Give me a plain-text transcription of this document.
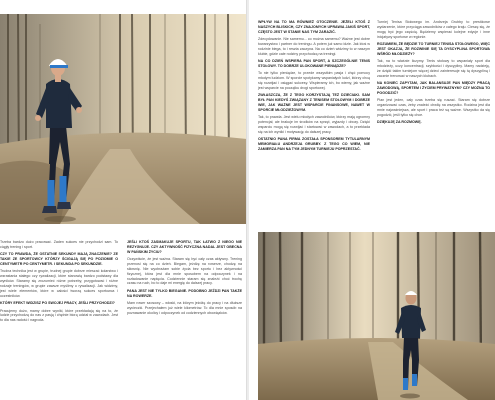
Trzeba bardzo dużo pracować. Zaden sukces nie przychodzi sam. To ciągły trening i sport.

CZY TO PRAWDA, ŻE OSTATNIE SEKUNDY MAJĄ ZNACZENIE? ZE TAKIE ZE SPORTOWCY KTÓRZY ŚCIGAJĄ SIĘ PO POZIOMIE O CENTYMETR PO CENTYMETR. I SEKUNDA PO SEKUNDZIE.

Trudna technika jest w grupie, trudnej grupie dobrze mieszać kolarstwo i wzrastania stałego czy rywalizacji, które stanowią bardzo podstawy dla wyników. Staramy się zrozumieć różne potrzeby, przygotować i różne rodzaje treningów, w grupie zawsze myślimy o rywalizacji. Jak widzimy, jest wiele elementów, które w całości tworzą sukces sportowca i uczestników.

KTÓRY EFEKT WIDZISZ PO SWOJEJ PRACY, JEŚLI PRZYCHODZI?

Pracujemy dużo, mamy dobre wyniki, które przekładają się na to, że ludzie przychodzą do nas z pasją i chętnie biorą udział w zawodach. Jest to dla nas radość i nagroda.

JEŚLI KTOŚ ZASMAKUJE SPORTU, TAK ŁATWO Z NIEGO NIE REZYGNUJE. CZY AKTYWNOŚĆ FIZYCZNA NADAL JEST OBECNA W PAŃSKIM ŻYCIU?

Oczywiście, że jest ważna. Staram się być cały czas aktywny. Trening przenosi się na co dzień. Biegam, jeżdżę na rowerze, chodzę na siłownię. Nie wyobrażam sobie życia bez sportu i bez aktywności fizycznej, która jest dla mnie sposobem na odpoczynek i na rozładowanie napięcia. Codziennie staram się znaleźć choć trochę czasu na ruch, bo to daje mi energię do dalszej pracy.

PANA JEST NIE TYLKO BIEGANIE. PODOBNO JEŹDZI PAN TAKŻE NA ROWERZE.

Mam rower szosowy – włoski, na którym jeżdżę do pracy i na dłuższe wycieczki. Przejechałem już wiele kilometrów. To dla mnie sposób na poznawanie okolicy i odpoczynek od codziennych obowiązków.

WPŁYW NA TO MA RÓWNIEŻ OTOCZENIE. JEŻELI KTOŚ Z NASZYCH BLISKICH, CZY ZNAJOMYCH UPRAWIA JAKIŚ SPORT, CZĘSTO JEST W STANIE NAS TYM ZARAZIĆ.

Zdecydowanie. Nie samemu... co można samemu? Ważne jest dobre towarzystwo i partner do treningu. A potem już samo idzie. Jak ktoś w rodzinie biega, to i reszta zaczyna. Na co dzień widzimy to w naszym klubie, gdzie całe rodziny przychodzą na treningi.

NA CO DZIEŃ WSPIERA PAN SPORT, A SZCZEGÓLNIE TENIS STOŁOWY. TO DOBRZE ULOKOWANE PIENIĄDZE?

To nie tylko pieniądze, to przede wszystkim pasja i chęć pomocy młodym ludziom. W sporcie spotykamy wspaniałych ludzi, którzy chcą się rozwijać i osiągać sukcesy. Wspieramy ich, bo wiemy, jak ważne jest wsparcie na początku drogi sportowej.

ZWŁASZCZA, ŻE Z TEGO KORZYSTAJĄ TEŻ DZIECIAKI. SAM BYŁ PAN KIEDYŚ ZWIĄZANY Z TENISEM STOŁOWYM I DOBRZE WIE, JAK WAŻNE JEST WSPARCIE FINANSOWE, NAWET W SPORCIE MŁODZIEŻOWYM.

Tak, to prawda. Jest wielu młodych zawodników, którzy mają ogromny potencjał, ale brakuje im środków na sprzęt, wyjazdy i obozy. Dzięki wsparciu mogą się rozwijać i startować w zawodach, a to przekłada się na ich wyniki i motywację do dalszej pracy.

OSTATNIO PANA FIRMA ZOSTAŁA SPONSOREM TYTULARNYM MEMORIAŁU ANDRZEJA GRUBBY. Z TEGO CO WIEM, NIE ZAMIERZA PAN NA TYM JEDNYM TURNIEJU POPRZESTAĆ.

Turniej Tenisa Stołowego im. Andrzeja Grubby to prestiżowe wydarzenie, które przyciąga zawodników z całego kraju. Cieszę się, że mogę być jego częścią. Będziemy wspierać kolejne edycje i inne inicjatywy sportowe w regionie.

ROZUMIEM, ŻE BĘDZIE TO TURNIEJ TENISA STOŁOWEGO, WIĘC JEST OKAZJA, ŻE ROZWINIE SIĘ TA DYSCYPLINA SPORTOWA WŚRÓD MŁODZIEŻY?

Tak, na to właśnie liczymy. Tenis stołowy to wspaniały sport dla młodzieży, uczy koncentracji, szybkości i dyscypliny. Mamy nadzieję, że dzięki takim turniejom więcej dzieci zainteresuje się tą dyscypliną i zacznie trenować w naszych klubach.

NA KONIEC ZAPYTAM, JAK BALANSUJE PAN MIĘDZY PRACĄ ZAWODOWĄ, SPORTEM I ŻYCIEM PRYWATNYM? CZY MOŻNA TO POGODZIĆ?

Plan jest jeden, cały czas trzeba się ruszać. Staram się dobrze organizować czas, żeby znaleźć chwilę na wszystko. Rodzina jest dla mnie najważniejsza, ale sport i praca też są ważne. Wszystko da się pogodzić, jeśli tylko się chce.

DZIĘKUJĘ ZA ROZMOWĘ.
